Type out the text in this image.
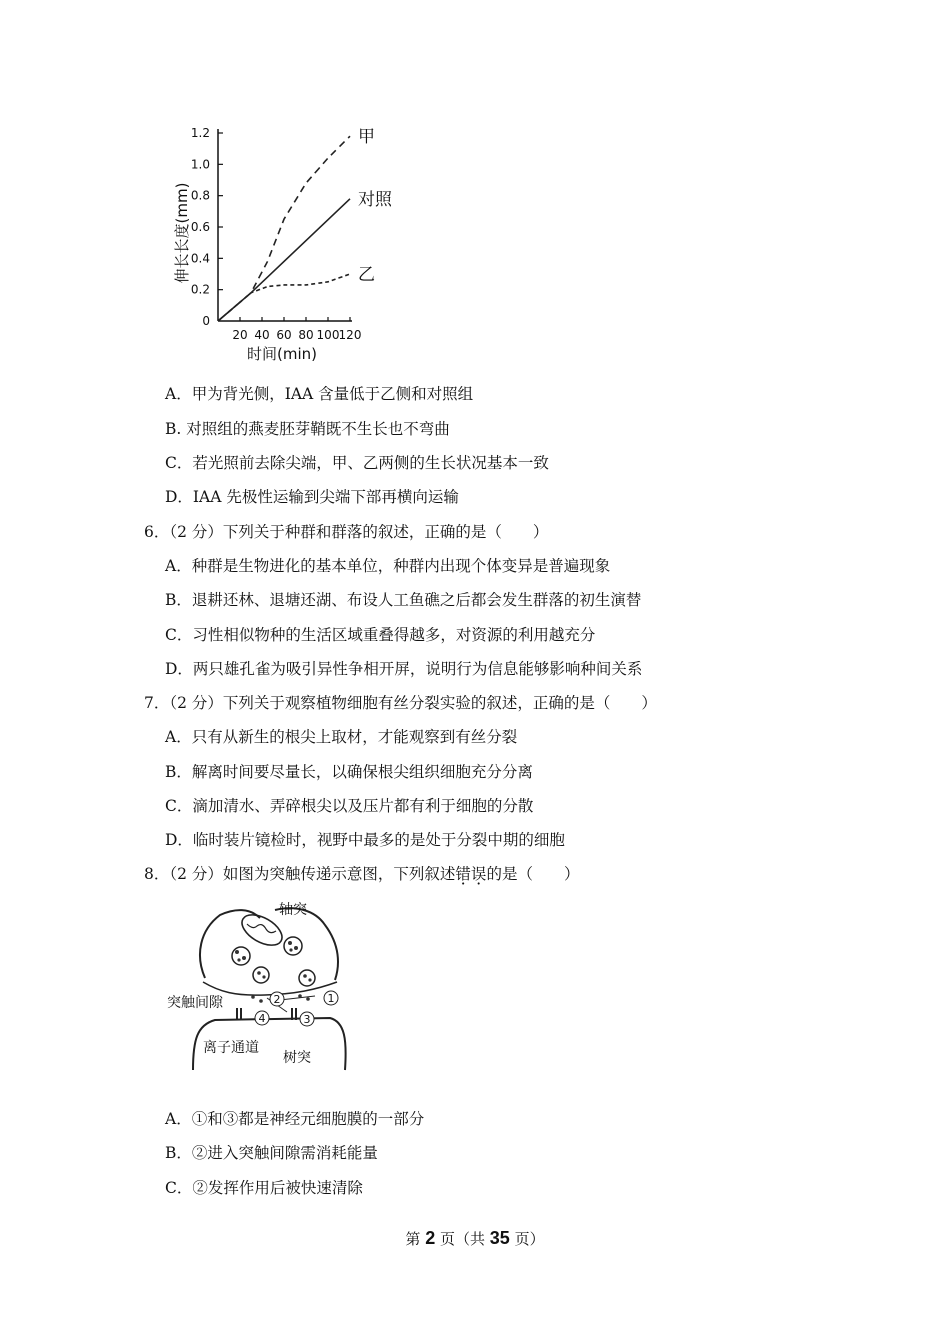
0
0.2
0.4
0.6
0.8
1.0
1.2
20 40 60 80 100 120
甲
对照
乙
伸长长度(mm)
时间(min)
A．甲为背光侧，IAA 含量低于乙侧和对照组
B. 对照组的燕麦胚芽鞘既不生长也不弯曲
C．若光照前去除尖端，甲、乙两侧的生长状况基本一致
D．IAA 先极性运输到尖端下部再横向运输
6．（2 分）下列关于种群和群落的叙述，正确的是（　　）
A．种群是生物进化的基本单位，种群内出现个体变异是普遍现象
B．退耕还林、退塘还湖、布设人工鱼礁之后都会发生群落的初生演替
C．习性相似物种的生活区域重叠得越多，对资源的利用越充分
D．两只雄孔雀为吸引异性争相开屏，说明行为信息能够影响种间关系
7．（2 分）下列关于观察植物细胞有丝分裂实验的叙述，正确的是（　　）
A．只有从新生的根尖上取材，才能观察到有丝分裂
B．解离时间要尽量长，以确保根尖组织细胞充分分离
C．滴加清水、弄碎根尖以及压片都有利于细胞的分散
D．临时装片镜检时，视野中最多的是处于分裂中期的细胞
8．（2 分）如图为突触传递示意图，下列叙述错误的是（　　）
1
2
3
4
轴突
突触间隙
离子通道
树突
A．①和③都是神经元细胞膜的一部分
B．②进入突触间隙需消耗能量
C．②发挥作用后被快速清除
第 2 页（共 35 页）
